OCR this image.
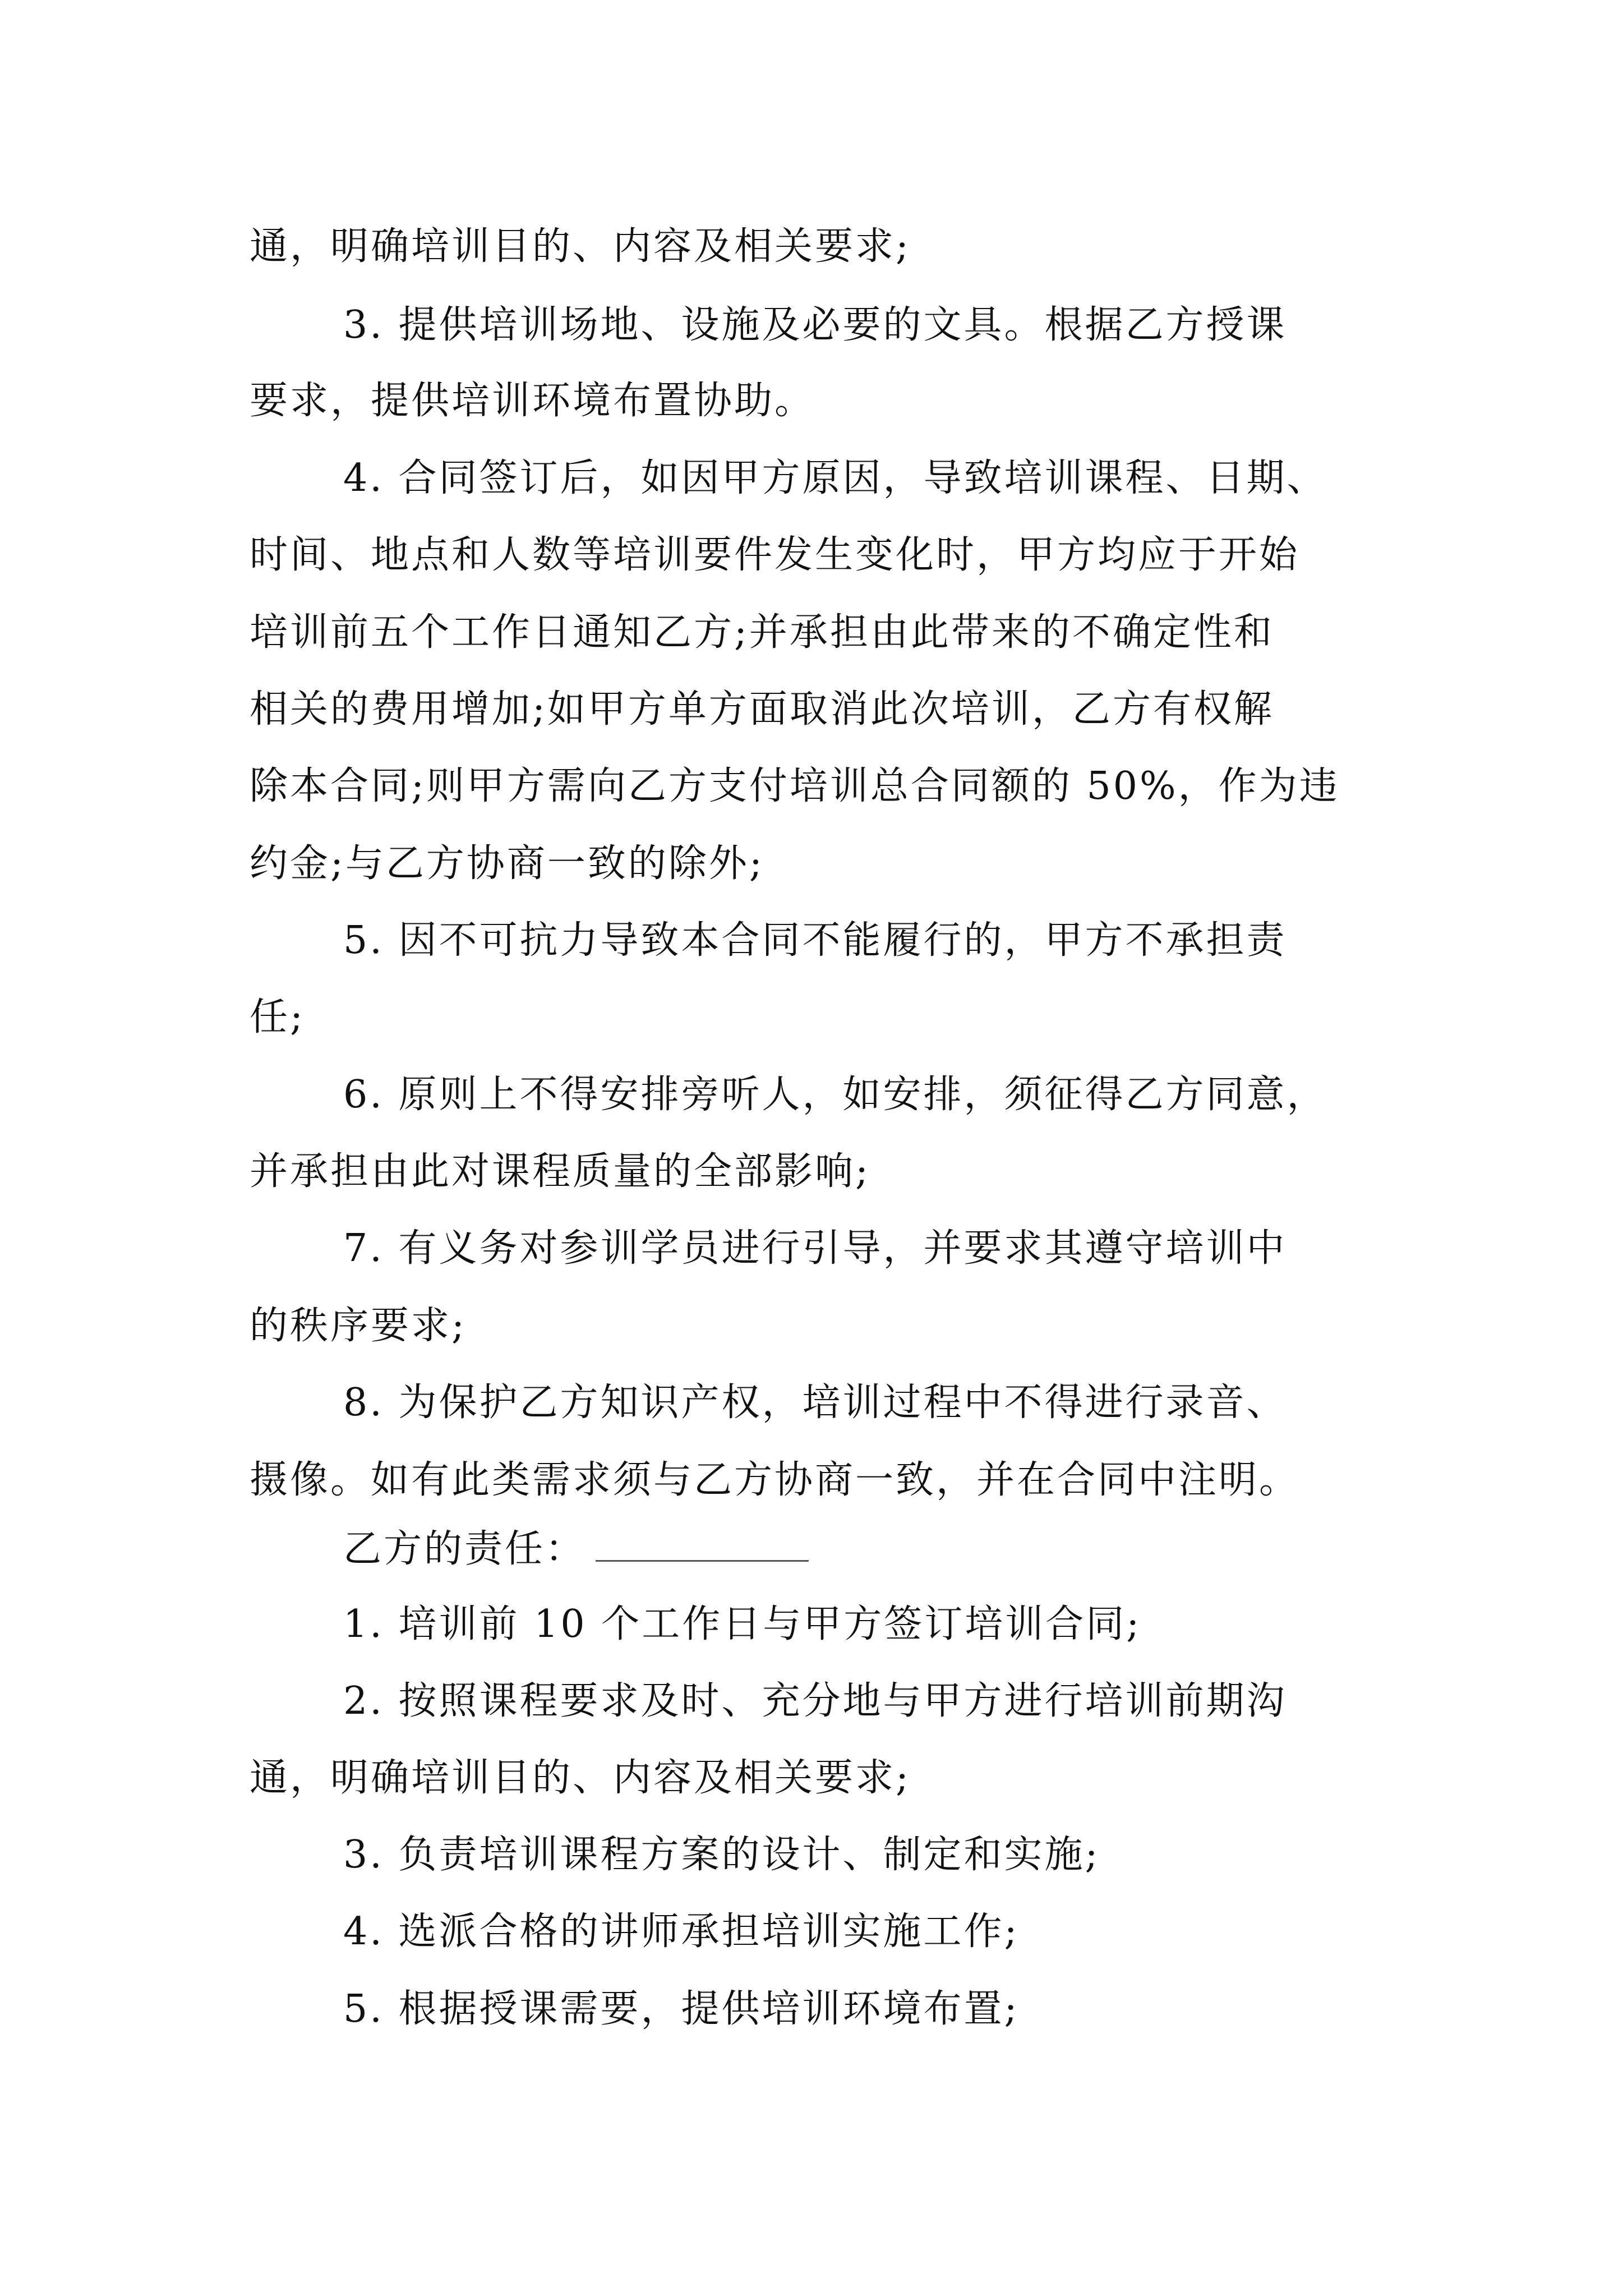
通，明确培训目的、内容及相关要求;
3. 提供培训场地、设施及必要的文具。根据乙方授课
要求，提供培训环境布置协助。
4. 合同签订后，如因甲方原因，导致培训课程、日期、
时间、地点和人数等培训要件发生变化时，甲方均应于开始
培训前五个工作日通知乙方;并承担由此带来的不确定性和
相关的费用增加;如甲方单方面取消此次培训，乙方有权解
除本合同;则甲方需向乙方支付培训总合同额的 50%，作为违
约金;与乙方协商一致的除外;
5. 因不可抗力导致本合同不能履行的，甲方不承担责
任;
6. 原则上不得安排旁听人，如安排，须征得乙方同意，
并承担由此对课程质量的全部影响;
7. 有义务对参训学员进行引导，并要求其遵守培训中
的秩序要求;
8. 为保护乙方知识产权，培训过程中不得进行录音、
摄像。如有此类需求须与乙方协商一致，并在合同中注明。
乙方的责任：
1. 培训前 10 个工作日与甲方签订培训合同;
2. 按照课程要求及时、充分地与甲方进行培训前期沟
通，明确培训目的、内容及相关要求;
3. 负责培训课程方案的设计、制定和实施;
4. 选派合格的讲师承担培训实施工作;
5. 根据授课需要，提供培训环境布置;
